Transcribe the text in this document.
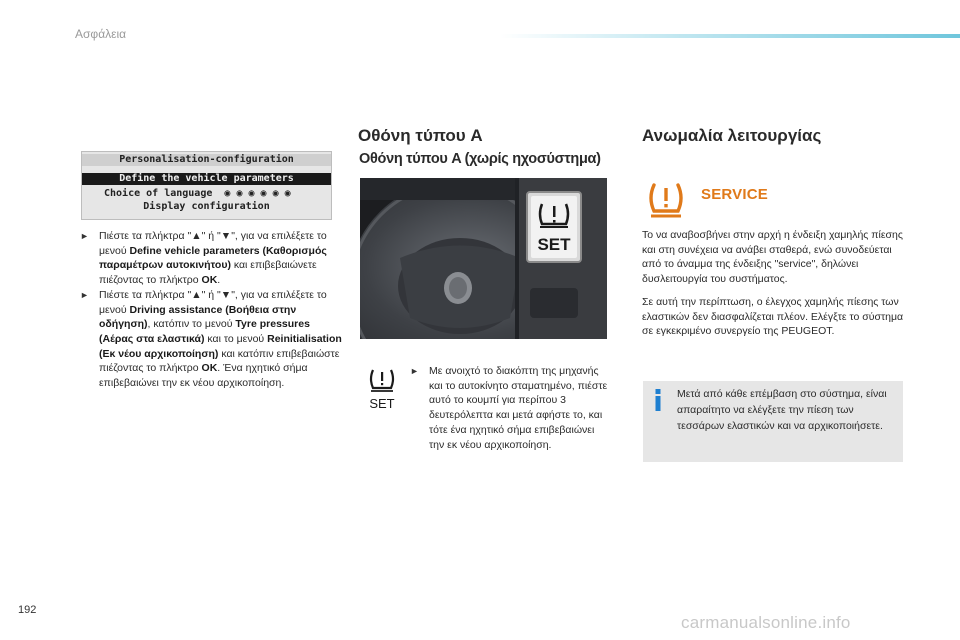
Ασφάλεια
Personalisation-configuration
Define the vehicle parameters
Choice of language  ◉ ◉ ◉ ◉ ◉ ◉
Display configuration

► Πιέστε τα πλήκτρα "▲" ή "▼", για να επιλέξετε το μενού Define vehicle parameters (Καθορισμός παραμέτρων αυτοκινήτου) και επιβεβαιώνετε πιέζοντας το πλήκτρο OK.

► Πιέστε τα πλήκτρα "▲" ή "▼", για να επιλέξετε το μενού Driving assistance (Βοήθεια στην οδήγηση), κατόπιν το μενού Tyre pressures (Αέρας στα ελαστικά) και το μενού Reinitialisation (Εκ νέου αρχικοποίηση) και κατόπιν επιβεβαιώστε πιέζοντας το πλήκτρο OK. Ένα ηχητικό σήμα επιβεβαιώνει την εκ νέου αρχικοποίηση.

Οθόνη τύπου A
Οθόνη τύπου A (χωρίς ηχοσύστημα)
SET
SET

► Με ανοιχτό το διακόπτη της μηχανής και το αυτοκίνητο σταματημένο, πιέστε αυτό το κουμπί για περίπου 3 δευτερόλεπτα και μετά αφήστε το, και τότε ένα ηχητικό σήμα επιβεβαιώνει την εκ νέου αρχικοποίηση.

Ανωμαλία λειτουργίας
SERVICE

Το να αναβοσβήνει στην αρχή η ένδειξη χαμηλής πίεσης και στη συνέχεια να ανάβει σταθερά, ενώ συνοδεύεται από το άναμμα της ένδειξης "service", δηλώνει δυσλειτουργία του συστήματος.

Σε αυτή την περίπτωση, ο έλεγχος χαμηλής πίεσης των ελαστικών δεν διασφαλίζεται πλέον. Ελέγξτε το σύστημα σε εγκεκριμένο συνεργείο της PEUGEOT.

Μετά από κάθε επέμβαση στο σύστημα, είναι απαραίτητο να ελέγξετε την πίεση των τεσσάρων ελαστικών και να αρχικοποιήσετε.
192
carmanualsonline.info
